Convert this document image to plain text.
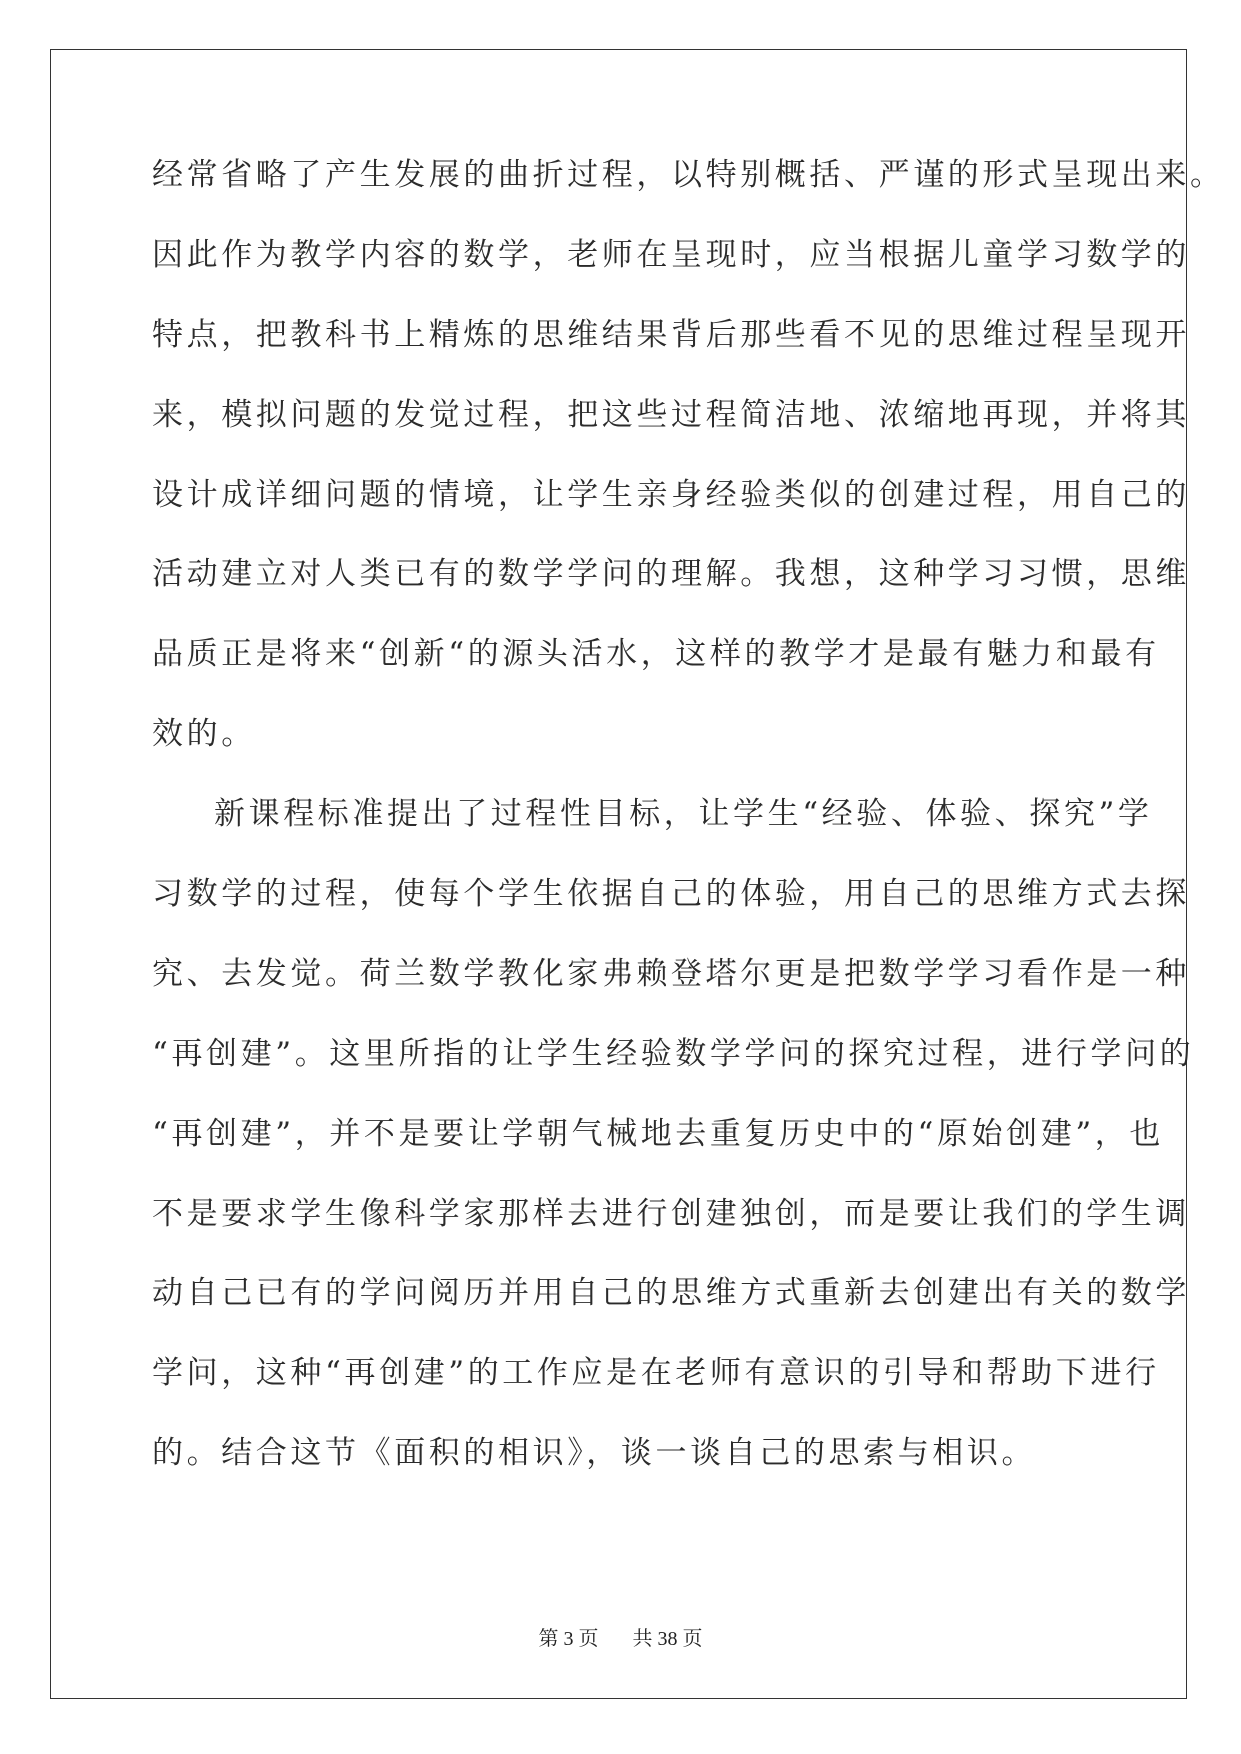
经常省略了产生发展的曲折过程，以特别概括、严谨的形式呈现出来。
因此作为教学内容的数学，老师在呈现时，应当根据儿童学习数学的
特点，把教科书上精炼的思维结果背后那些看不见的思维过程呈现开
来，模拟问题的发觉过程，把这些过程简洁地、浓缩地再现，并将其
设计成详细问题的情境，让学生亲身经验类似的创建过程，用自己的
活动建立对人类已有的数学学问的理解。我想，这种学习习惯，思维
品质正是将来“创新“的源头活水，这样的教学才是最有魅力和最有
效的。
新课程标准提出了过程性目标，让学生“经验、体验、探究”学
习数学的过程，使每个学生依据自己的体验，用自己的思维方式去探
究、去发觉。荷兰数学教化家弗赖登塔尔更是把数学学习看作是一种
“再创建”。这里所指的让学生经验数学学问的探究过程，进行学问的
“再创建”，并不是要让学朝气械地去重复历史中的“原始创建”，也
不是要求学生像科学家那样去进行创建独创，而是要让我们的学生调
动自己已有的学问阅历并用自己的思维方式重新去创建出有关的数学
学问，这种“再创建”的工作应是在老师有意识的引导和帮助下进行
的。结合这节《面积的相识》，谈一谈自己的思索与相识。
第 3 页 共 38 页
